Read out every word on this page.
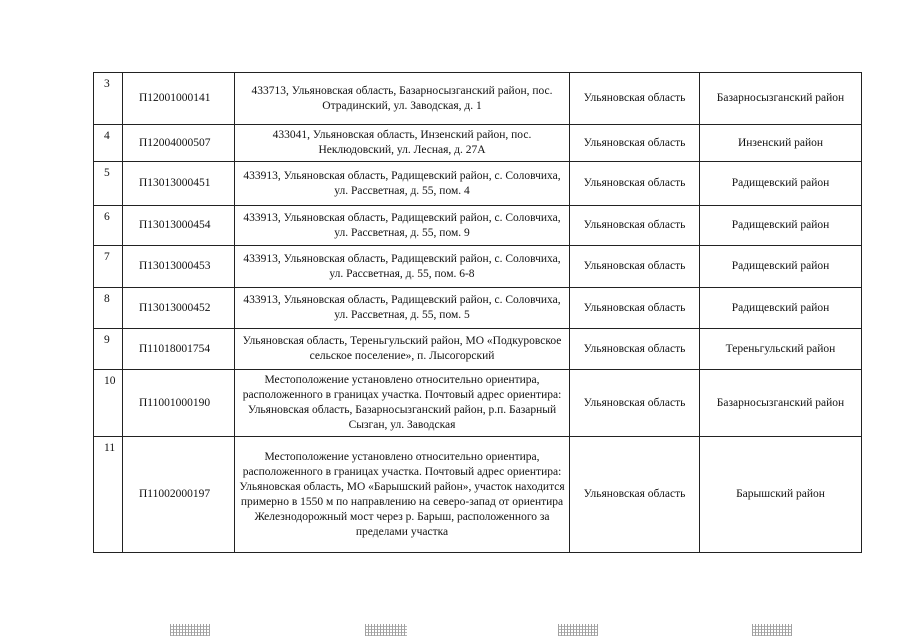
3	П12001000141	433713, Ульяновская область, Базарносызганский район, пос. Отрадинский, ул. Заводская, д. 1	Ульяновская область	Базарносызганский район
4	П12004000507	433041, Ульяновская область, Инзенский район, пос. Неклюдовский, ул. Лесная, д. 27А	Ульяновская область	Инзенский район
5	П13013000451	433913, Ульяновская область, Радищевский район, с. Соловчиха, ул. Рассветная, д. 55, пом. 4	Ульяновская область	Радищевский район
6	П13013000454	433913, Ульяновская область, Радищевский район, с. Соловчиха, ул. Рассветная, д. 55, пом. 9	Ульяновская область	Радищевский район
7	П13013000453	433913, Ульяновская область, Радищевский район, с. Соловчиха, ул. Рассветная, д. 55, пом. 6-8	Ульяновская область	Радищевский район
8	П13013000452	433913, Ульяновская область, Радищевский район, с. Соловчиха, ул. Рассветная, д. 55, пом. 5	Ульяновская область	Радищевский район
9	П11018001754	Ульяновская область, Тереньгульский район, МО «Подкуровское сельское поселение», п. Лысогорский	Ульяновская область	Тереньгульский район
10	П11001000190	Местоположение установлено относительно ориентира, расположенного в границах участка. Почтовый адрес ориентира: Ульяновская область, Базарносызганский район, р.п. Базарный Сызган, ул. Заводская	Ульяновская область	Базарносызганский район
11	П11002000197	Местоположение установлено относительно ориентира, расположенного в границах участка. Почтовый адрес ориентира: Ульяновская область, МО «Барышский район», участок находится примерно в 1550 м по направлению на северо-запад от ориентира Железнодорожный мост через р. Барыш, расположенного за пределами участка	Ульяновская область	Барышский район
